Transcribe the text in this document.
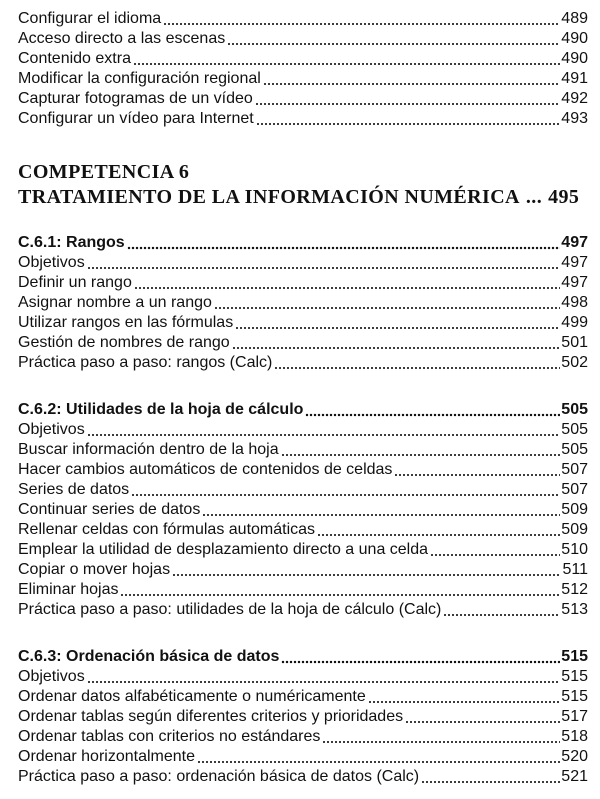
Configurar el idioma	489
Acceso directo a las escenas	490
Contenido extra	490
Modificar la configuración regional	491
Capturar fotogramas de un vídeo	492
Configurar un vídeo para Internet	493
COMPETENCIA 6
TRATAMIENTO DE LA INFORMACIÓN NUMÉRICA ... 495
C.6.1: Rangos	497
Objetivos	497
Definir un rango	497
Asignar nombre a un rango	498
Utilizar rangos en las fórmulas	499
Gestión de nombres de rango	501
Práctica paso a paso: rangos (Calc)	502
C.6.2: Utilidades de la hoja de cálculo	505
Objetivos	505
Buscar información dentro de la hoja	505
Hacer cambios automáticos de contenidos de celdas	507
Series de datos	507
Continuar series de datos	509
Rellenar celdas con fórmulas automáticas	509
Emplear la utilidad de desplazamiento directo a una celda	510
Copiar o mover hojas	511
Eliminar hojas	512
Práctica paso a paso: utilidades de la hoja de cálculo (Calc)	513
C.6.3: Ordenación básica de datos	515
Objetivos	515
Ordenar datos alfabéticamente o numéricamente	515
Ordenar tablas según diferentes criterios y prioridades	517
Ordenar tablas con criterios no estándares	518
Ordenar horizontalmente	520
Práctica paso a paso: ordenación básica de datos (Calc)	521
